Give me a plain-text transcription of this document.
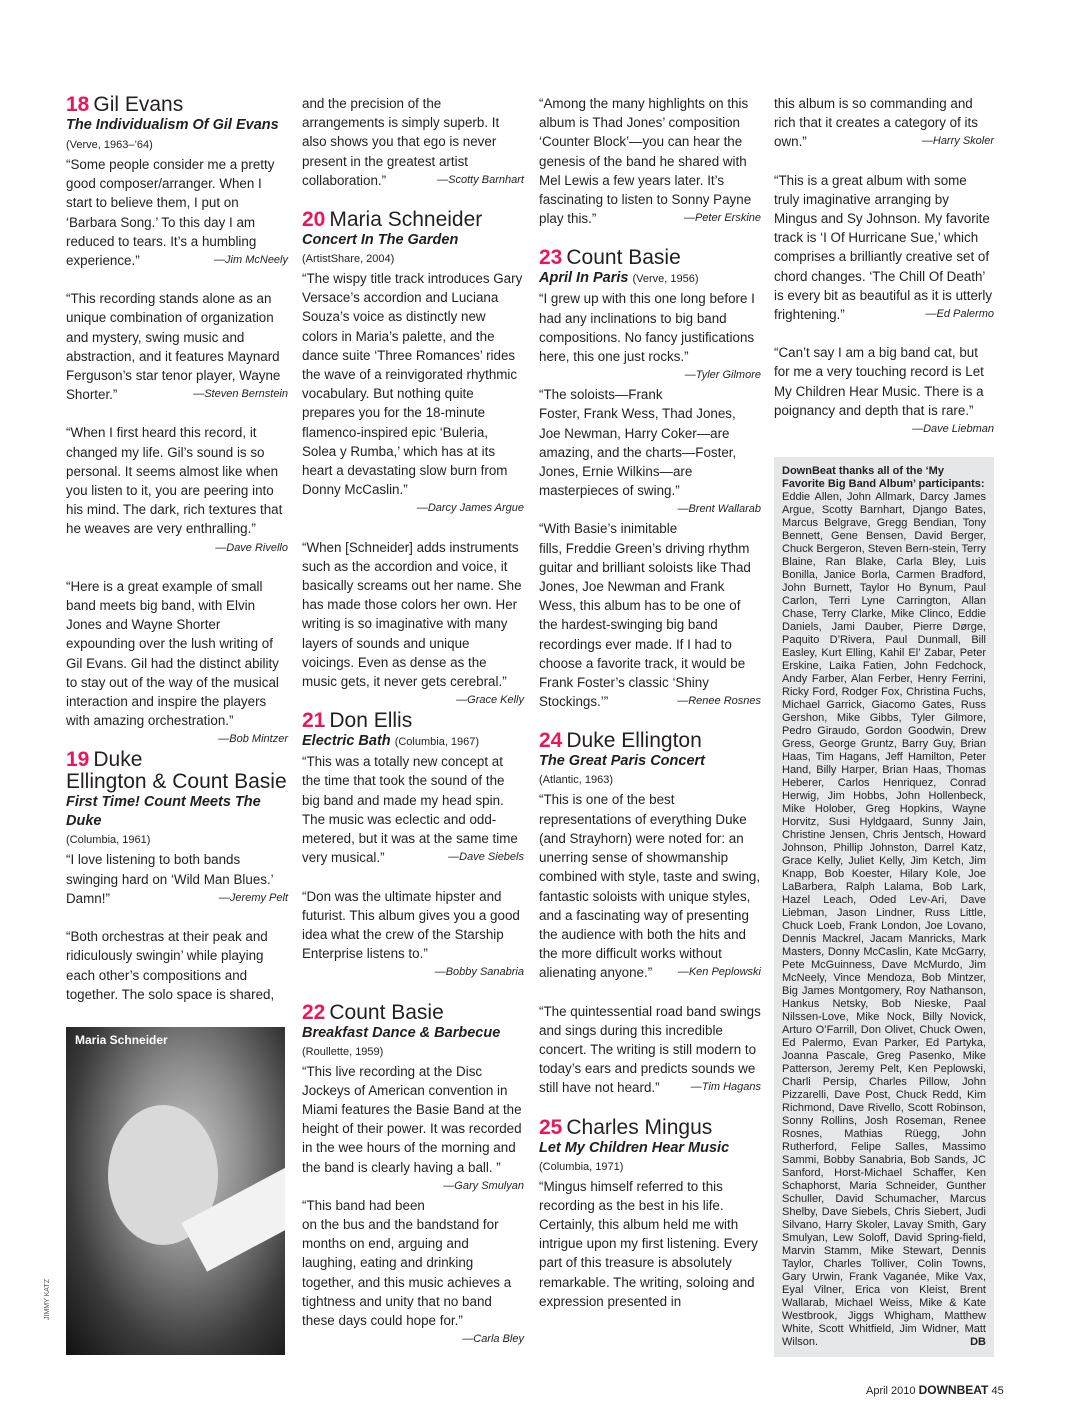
18 Gil Evans
The Individualism Of Gil Evans (Verve, 1963–’64)

“Some people consider me a pretty good composer/arranger. When I start to believe them, I put on ‘Barbara Song.’ To this day I am reduced to tears. It’s a humbling experience.”	—Jim McNeely

“This recording stands alone as an unique combination of organization and mystery, swing music and abstraction, and it features Maynard Ferguson’s star tenor player, Wayne Shorter.”	—Steven Bernstein

“When I first heard this record, it changed my life. Gil’s sound is so personal. It seems almost like when you listen to it, you are peering into his mind. The dark, rich textures that he weaves are very enthralling.”

—Dave Rivello

“Here is a great example of small band meets big band, with Elvin Jones and Wayne Shorter expounding over the lush writing of Gil Evans. Gil had the distinct ability to stay out of the way of the musical interaction and inspire the players with amazing orchestration.”
—Bob Mintzer

19 Duke Ellington & Count Basie
First Time! Count Meets The Duke
(Columbia, 1961)

“I love listening to both bands swinging hard on ‘Wild Man Blues.’ Damn!”	—Jeremy Pelt

“Both orchestras at their peak and ridiculously swingin’ while playing each other’s compositions and together. The solo space is shared,

Maria Schneider
JIMMY KATZ

and the precision of the arrangements is simply superb. It also shows you that ego is never present in the greatest artist collaboration.”	—Scotty Barnhart

20 Maria Schneider
Concert In The Garden
(ArtistShare, 2004)

“The wispy title track introduces Gary Versace’s accordion and Luciana Souza’s voice as distinctly new colors in Maria’s palette, and the dance suite ‘Three Romances’ rides the wave of a reinvigorated rhythmic vocabulary. But nothing quite prepares you for the 18-minute flamenco-inspired epic ‘Buleria, Solea y Rumba,’ which has at its heart a devastating slow burn from Donny McCaslin.”

—Darcy James Argue

“When [Schneider] adds instruments such as the accordion and voice, it basically screams out her name. She has made those colors her own. Her writing is so imaginative with many layers of sounds and unique voicings. Even as dense as the music gets, it never gets cerebral.”
—Grace Kelly

21 Don Ellis
Electric Bath (Columbia, 1967)

“This was a totally new concept at the time that took the sound of the big band and made my head spin. The music was eclectic and odd-metered, but it was at the same time very musical.”	—Dave Siebels

“Don was the ultimate hipster and futurist. This album gives you a good idea what the crew of the Starship Enterprise listens to.”

—Bobby Sanabria
22 Count Basie
Breakfast Dance & Barbecue
(Roullette, 1959)

“This live recording at the Disc Jockeys of American convention in Miami features the Basie Band at the height of their power. It was recorded in the wee hours of the morning and the band is clearly having a ball. ”
—Gary Smulyan

“This band had been on the bus and the bandstand for months on end, arguing and laughing, eating and drinking together, and this music achieves a tightness and unity that no band these days could hope for.”

—Carla Bley

“Among the many highlights on this album is Thad Jones’ composition ‘Counter Block’—you can hear the genesis of the band he shared with Mel Lewis a few years later. It’s fascinating to listen to Sonny Payne play this.”	—Peter Erskine

23 Count Basie
April In Paris (Verve, 1956)

“I grew up with this one long before I had any inclinations to big band compositions. No fancy justifications here, this one just rocks.”
—Tyler Gilmore

“The soloists—Frank Foster, Frank Wess, Thad Jones, Joe Newman, Harry Coker—are amazing, and the charts—Foster, Jones, Ernie Wilkins—are masterpieces of swing.”
—Brent Wallarab

“With Basie’s inimitable fills, Freddie Green’s driving rhythm guitar and brilliant soloists like Thad Jones, Joe Newman and Frank Wess, this album has to be one of the hardest-swinging big band recordings ever made. If I had to choose a favorite track, it would be Frank Foster’s classic ‘Shiny Stockings.’”	—Renee Rosnes

24 Duke Ellington
The Great Paris Concert
(Atlantic, 1963)

“This is one of the best representations of everything Duke (and Strayhorn) were noted for: an unerring sense of showmanship combined with style, taste and swing, fantastic soloists with unique styles, and a fascinating way of presenting the audience with both the hits and the more difficult works without alienating anyone.” —Ken Peplowski

“The quintessential road band swings and sings during this incredible concert. The writing is still modern to today’s ears and predicts sounds we still have not heard.”	—Tim Hagans

25 Charles Mingus
Let My Children Hear Music
(Columbia, 1971)

“Mingus himself referred to this recording as the best in his life. Certainly, this album held me with intrigue upon my first listening. Every part of this treasure is absolutely remarkable. The writing, soloing and expression presented in

this album is so commanding and rich that it creates a category of its own.”	—Harry Skoler

“This is a great album with some truly imaginative arranging by Mingus and Sy Johnson. My favorite track is ‘I Of Hurricane Sue,’ which comprises a brilliantly creative set of chord changes. ‘The Chill Of Death’ is every bit as beautiful as it is utterly frightening.”	—Ed Palermo

“Can’t say I am a big band cat, but for me a very touching record is Let My Children Hear Music. There is a poignancy and depth that is rare.”

—Dave Liebman
DownBeat thanks all of the ‘My Favorite Big Band Album’ participants:
Eddie Allen, John Allmark, Darcy James Argue, Scotty Barnhart, Django Bates, Marcus Belgrave, Gregg Bendian, Tony Bennett, Gene Bensen, David Berger, Chuck Bergeron, Steven Bern-stein, Terry Blaine, Ran Blake, Carla Bley, Luis Bonilla, Janice Borla, Carmen Bradford, John Burnett, Taylor Ho Bynum, Paul Carlon, Terri Lyne Carrington, Allan Chase, Terry Clarke, Mike Clinco, Eddie Daniels, Jami Dauber, Pierre Dørge, Paquito D’Rivera, Paul Dunmall, Bill Easley, Kurt Elling, Kahil El’ Zabar, Peter Erskine, Laika Fatien, John Fedchock, Andy Farber, Alan Ferber, Henry Ferrini, Ricky Ford, Rodger Fox, Christina Fuchs, Michael Garrick, Giacomo Gates, Russ Gershon, Mike Gibbs, Tyler Gilmore, Pedro Giraudo, Gordon Goodwin, Drew Gress, George Gruntz, Barry Guy, Brian Haas, Tim Hagans, Jeff Hamilton, Peter Hand, Billy Harper, Brian Haas, Thomas Heberer, Carlos Henriquez, Conrad Herwig, Jim Hobbs, John Hollenbeck, Mike Holober, Greg Hopkins, Wayne Horvitz, Susi Hyldgaard, Sunny Jain, Christine Jensen, Chris Jentsch, Howard Johnson, Phillip Johnston, Darrel Katz, Grace Kelly, Juliet Kelly, Jim Ketch, Jim Knapp, Bob Koester, Hilary Kole, Joe LaBarbera, Ralph Lalama, Bob Lark, Hazel Leach, Oded Lev-Ari, Dave Liebman, Jason Lindner, Russ Little, Chuck Loeb, Frank London, Joe Lovano, Dennis Mackrel, Jacam Manricks, Mark Masters, Donny McCaslin, Kate McGarry, Pete McGuinness, Dave McMurdo, Jim McNeely, Vince Mendoza, Bob Mintzer, Big James Montgomery, Roy Nathanson, Hankus Netsky, Bob Nieske, Paal Nilssen-Love, Mike Nock, Billy Novick, Arturo O’Farrill, Don Olivet, Chuck Owen, Ed Palermo, Evan Parker, Ed Partyka, Joanna Pascale, Greg Pasenko, Mike Patterson, Jeremy Pelt, Ken Peplowski, Charli Persip, Charles Pillow, John Pizzarelli, Dave Post, Chuck Redd, Kim Richmond, Dave Rivello, Scott Robinson, Sonny Rollins, Josh Roseman, Renee Rosnes, Mathias Rüegg, John Rutherford, Felipe Salles, Massimo Sammi, Bobby Sanabria, Bob Sands, JC Sanford, Horst-Michael Schaffer, Ken Schaphorst, Maria Schneider, Gunther Schuller, David Schumacher, Marcus Shelby, Dave Siebels, Chris Siebert, Judi Silvano, Harry Skoler, Lavay Smith, Gary Smulyan, Lew Soloff, David Spring-field, Marvin Stamm, Mike Stewart, Dennis Taylor, Charles Tolliver, Colin Towns, Gary Urwin, Frank Vaganée, Mike Vax, Eyal Vilner, Erica von Kleist, Brent Wallarab, Michael Weiss, Mike & Kate Westbrook, Jiggs Whigham, Matthew White, Scott Whitfield, Jim Widner, Matt Wilson.	DB
April 2010 DOWNBEAT 45
